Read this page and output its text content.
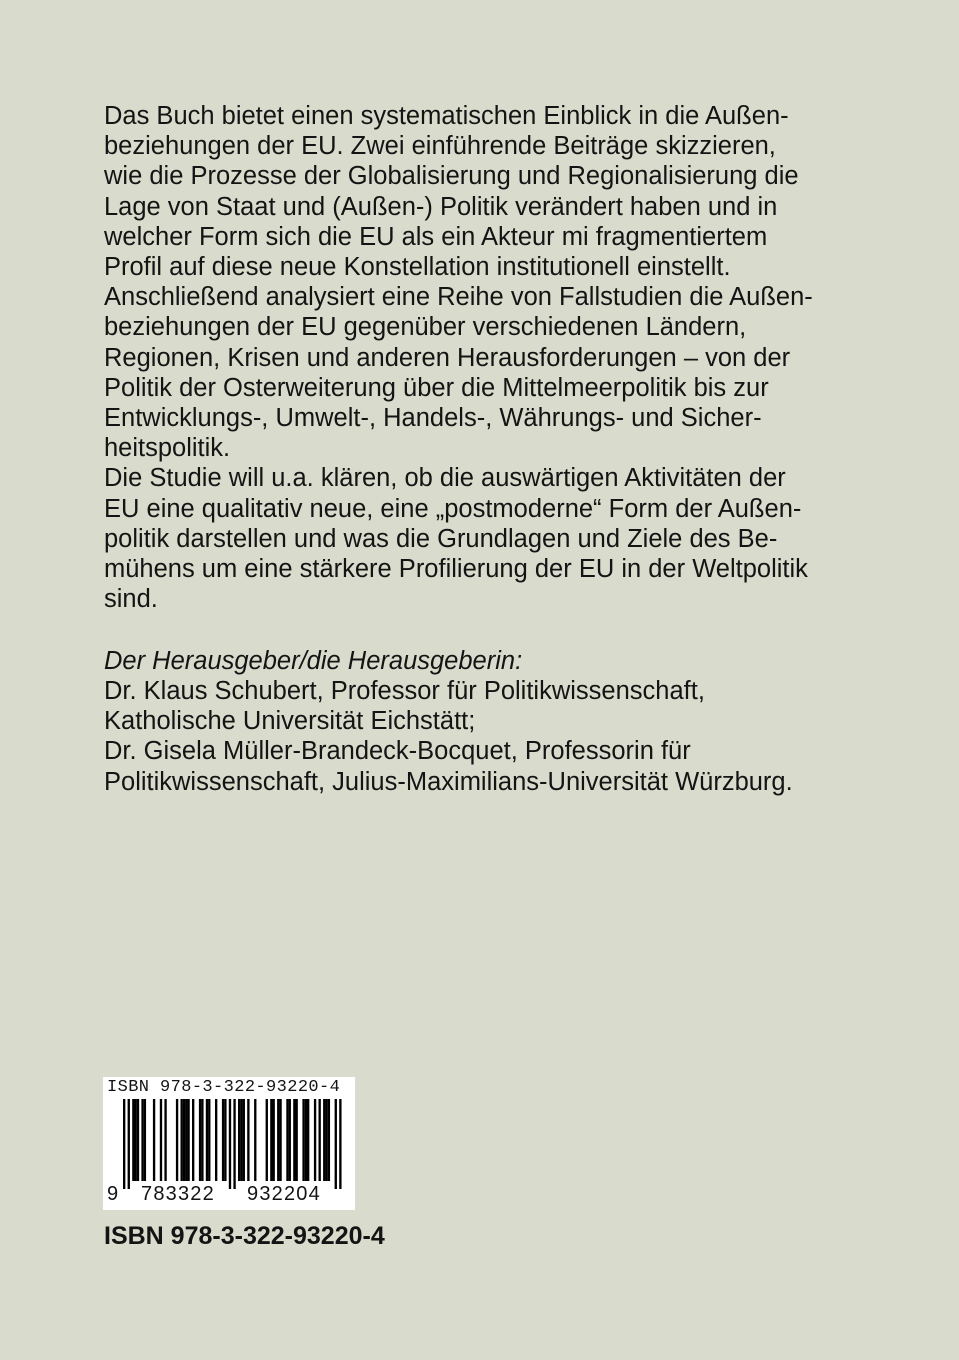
Das Buch bietet einen systematischen Einblick in die Außen-
beziehungen der EU. Zwei einführende Beiträge skizzieren,
wie die Prozesse der Globalisierung und Regionalisierung die
Lage von Staat und (Außen-) Politik verändert haben und in
welcher Form sich die EU als ein Akteur mi fragmentiertem
Profil auf diese neue Konstellation institutionell einstellt.
Anschließend analysiert eine Reihe von Fallstudien die Außen-
beziehungen der EU gegenüber verschiedenen Ländern,
Regionen, Krisen und anderen Herausforderungen – von der
Politik der Osterweiterung über die Mittelmeerpolitik bis zur
Entwicklungs-, Umwelt-, Handels-, Währungs- und Sicher-
heitspolitik.
Die Studie will u.a. klären, ob die auswärtigen Aktivitäten der
EU eine qualitativ neue, eine „postmoderne“ Form der Außen-
politik darstellen und was die Grundlagen und Ziele des Be-
mühens um eine stärkere Profilierung der EU in der Weltpolitik
sind.
Der Herausgeber/die Herausgeberin:
Dr. Klaus Schubert, Professor für Politikwissenschaft,
Katholische Universität Eichstätt;
Dr. Gisela Müller-Brandeck-Bocquet, Professorin für
Politikwissenschaft, Julius-Maximilians-Universität Würzburg.
ISBN 978-3-322-93220-4
9 783322 932204
ISBN 978-3-322-93220-4
